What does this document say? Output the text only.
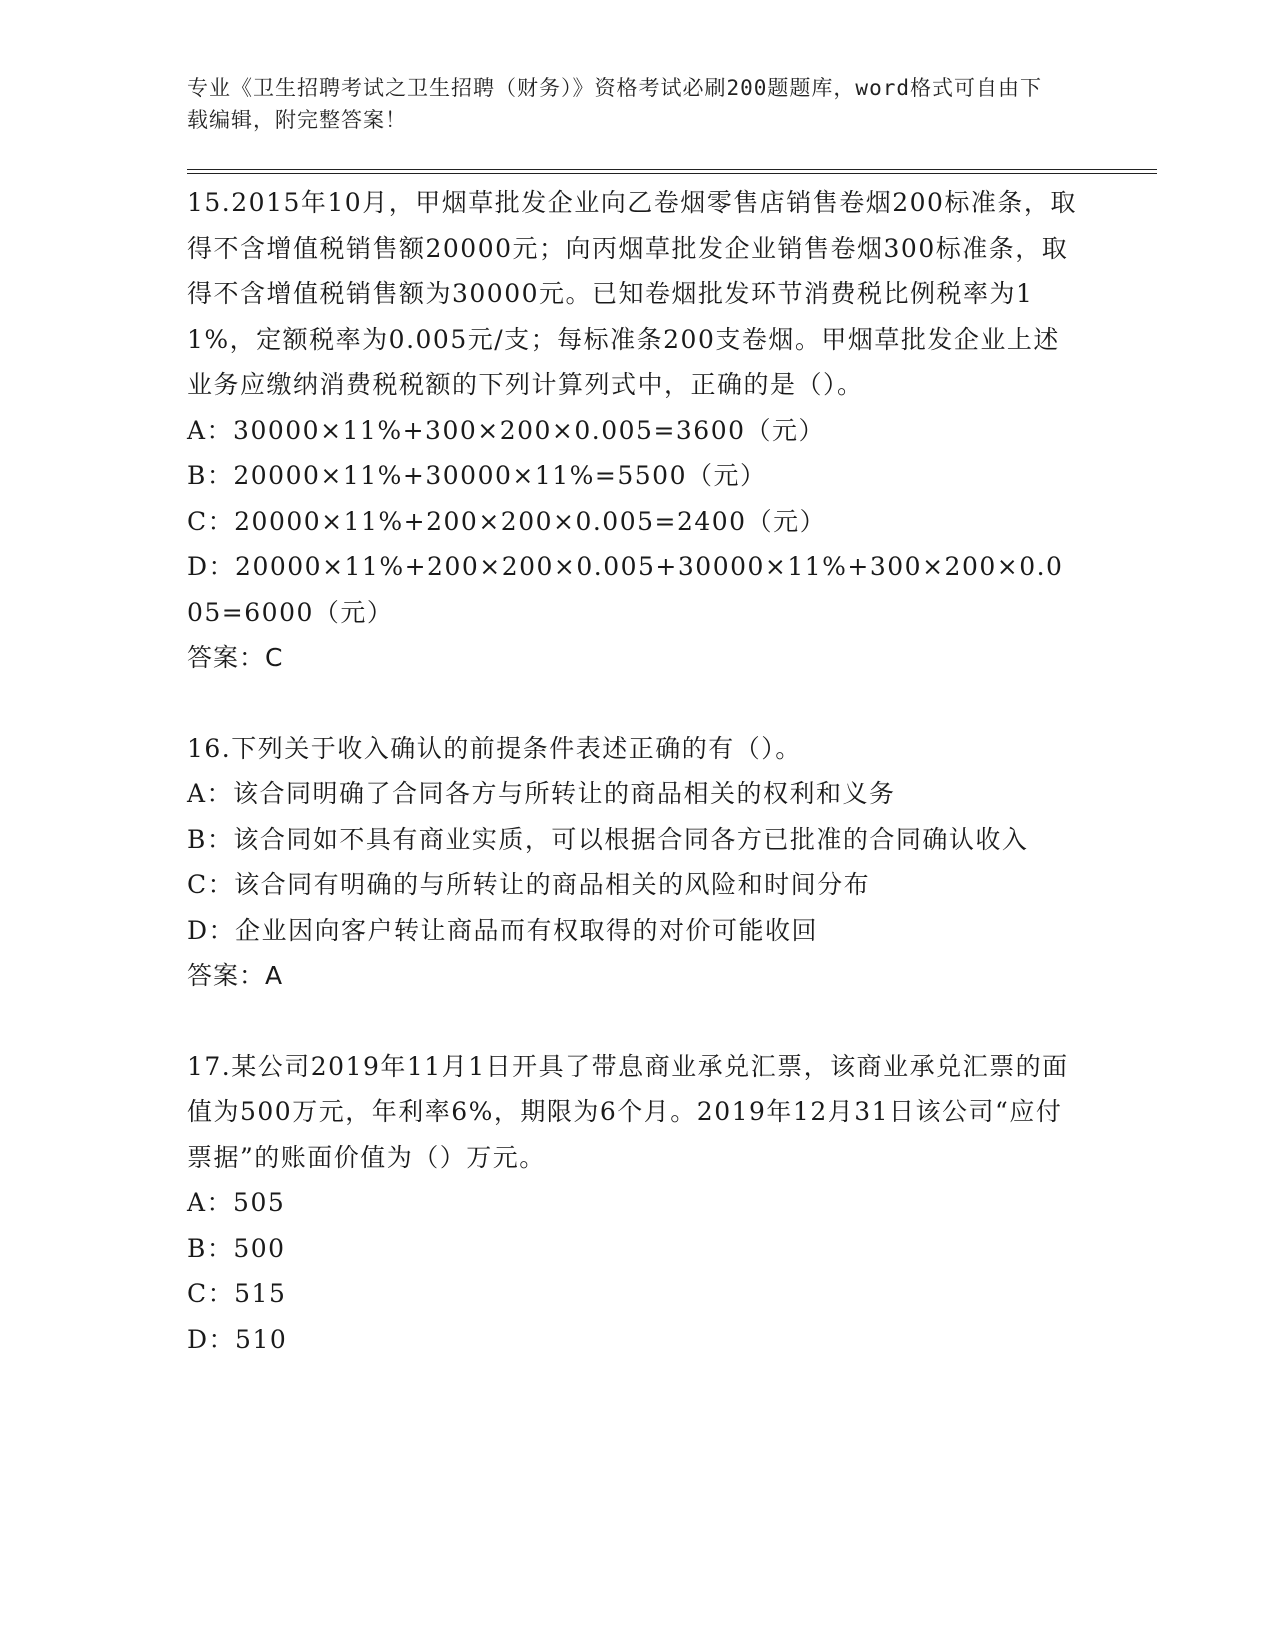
专业《卫生招聘考试之卫生招聘（财务）》资格考试必刷200题题库，word格式可自由下载编辑，附完整答案！
15.2015年10月，甲烟草批发企业向乙卷烟零售店销售卷烟200标准条，取得不含增值税销售额20000元；向丙烟草批发企业销售卷烟300标准条，取得不含增值税销售额为30000元。已知卷烟批发环节消费税比例税率为11%，定额税率为0.005元/支；每标准条200支卷烟。甲烟草批发企业上述业务应缴纳消费税税额的下列计算列式中，正确的是（）。
A：30000×11%+300×200×0.005=3600（元）
B：20000×11%+30000×11%=5500（元）
C：20000×11%+200×200×0.005=2400（元）
D：20000×11%+200×200×0.005+30000×11%+300×200×0.005=6000（元）
答案：C
16.下列关于收入确认的前提条件表述正确的有（）。
A：该合同明确了合同各方与所转让的商品相关的权利和义务
B：该合同如不具有商业实质，可以根据合同各方已批准的合同确认收入
C：该合同有明确的与所转让的商品相关的风险和时间分布
D：企业因向客户转让商品而有权取得的对价可能收回
答案：A
17.某公司2019年11月1日开具了带息商业承兑汇票，该商业承兑汇票的面值为500万元，年利率6%，期限为6个月。2019年12月31日该公司“应付票据”的账面价值为（）万元。
A：505
B：500
C：515
D：510
